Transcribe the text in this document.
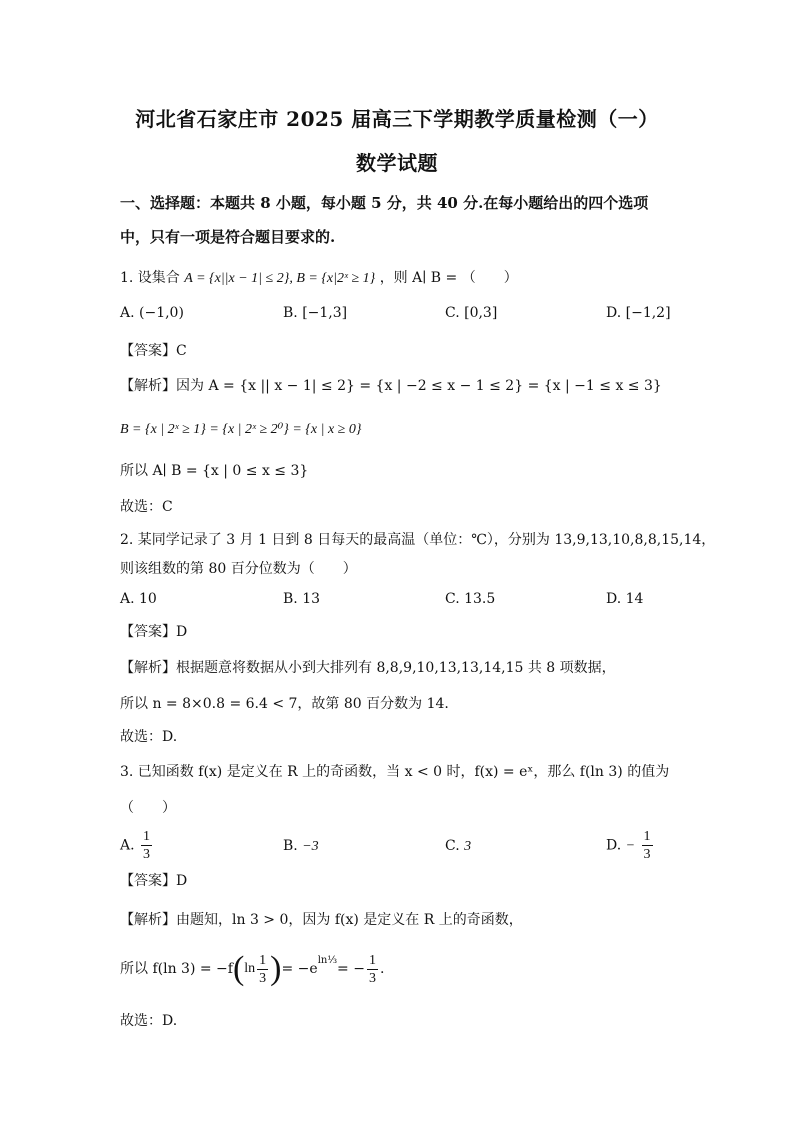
河北省石家庄市 2025 届高三下学期教学质量检测（一）
数学试题
一、选择题：本题共 8 小题，每小题 5 分，共 40 分.在每小题给出的四个选项
中，只有一项是符合题目要求的.
1. 设集合 A = {x||x − 1| ≤ 2}, B = {x|2ˣ ≥ 1} ，则 A∣ B = （　　）
A. (−1,0)	B. [−1,3]	C. [0,3]	D. [−1,2]
【答案】C
【解析】因为 A = {x || x − 1| ≤ 2} = {x | −2 ≤ x − 1 ≤ 2} = {x | −1 ≤ x ≤ 3}
B = {x | 2ˣ ≥ 1} = {x | 2ˣ ≥ 2⁰} = {x | x ≥ 0}
所以 A∣ B = {x | 0 ≤ x ≤ 3}
故选：C
2. 某同学记录了 3 月 1 日到 8 日每天的最高温（单位：℃），分别为 13,9,13,10,8,8,15,14，
则该组数的第 80 百分位数为（　　）
A. 10	B. 13	C. 13.5	D. 14
【答案】D
【解析】根据题意将数据从小到大排列有 8,8,9,10,13,13,14,15 共 8 项数据，
所以 n = 8×0.8 = 6.4 < 7，故第 80 百分数为 14.
故选：D.
3. 已知函数 f(x) 是定义在 R 上的奇函数，当 x < 0 时，f(x) = eˣ，那么 f(ln 3) 的值为
（　　）
A. $\frac{1}{3}$	B. −3	C. 3	D. − $\frac{1}{3}$
【答案】D
【解析】由题知，ln 3 > 0，因为 f(x) 是定义在 R 上的奇函数，
所以 f(ln 3) = −f ( $\ln \frac{1}{3}$ ) = −e
$^{ln\frac{1}{3}}$
= − $\frac{1}{3}$ .
故选：D.
